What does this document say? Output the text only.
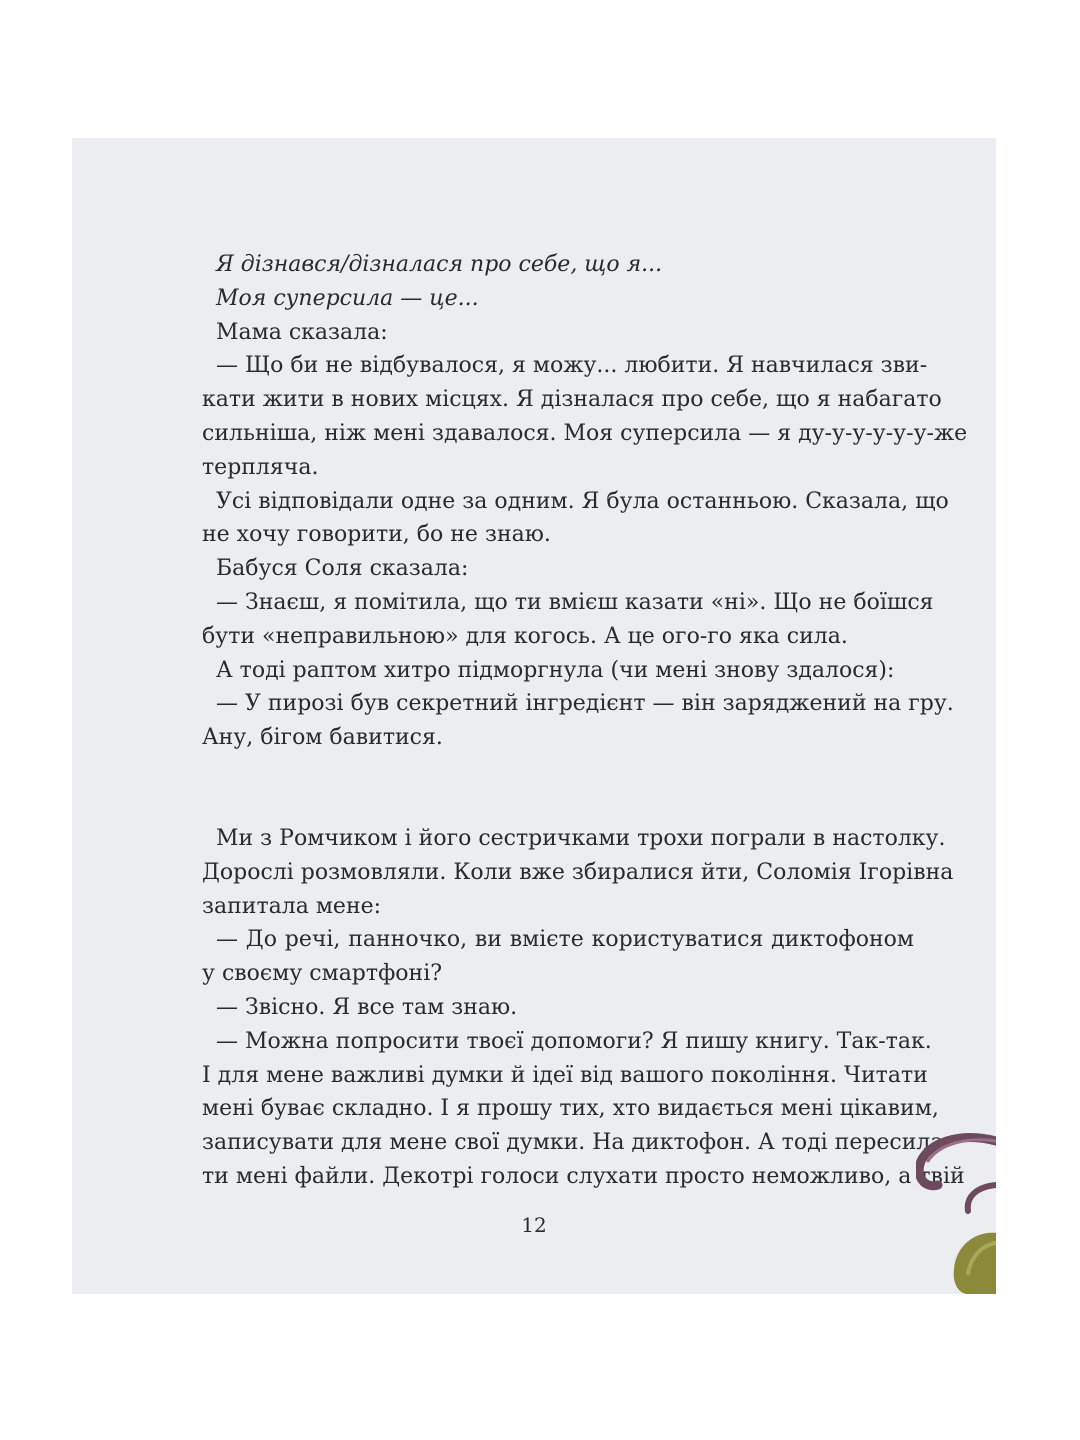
Я дізнався/дізналася про себе, що я...
Моя суперсила — це...
Мама сказала:
— Що би не відбувалося, я можу... любити. Я навчилася зви-
кати жити в нових місцях. Я дізналася про себе, що я набагато
сильніша, ніж мені здавалося. Моя суперсила — я ду-у-у-у-у-у-же
терпляча.
Усі відповідали одне за одним. Я була останньою. Сказала, що
не хочу говорити, бо не знаю.
Бабуся Соля сказала:
— Знаєш, я помітила, що ти вмієш казати «ні». Що не боїшся
бути «неправильною» для когось. А це ого-го яка сила.
А тоді раптом хитро підморгнула (чи мені знову здалося):
— У пирозі був секретний інгредієнт — він заряджений на гру.
Ану, бігом бавитися.
Ми з Ромчиком і його сестричками трохи пограли в настолку.
Дорослі розмовляли. Коли вже збиралися йти, Соломія Ігорівна
запитала мене:
— До речі, панночко, ви вмієте користуватися диктофоном
у своєму смартфоні?
— Звісно. Я все там знаю.
— Можна попросити твоєї допомоги? Я пишу книгу. Так-так.
І для мене важливі думки й ідеї від вашого покоління. Читати
мені буває складно. І я прошу тих, хто видається мені цікавим,
записувати для мене свої думки. На диктофон. А тоді пересила-
ти мені файли. Декотрі голоси слухати просто неможливо, а твій
12
